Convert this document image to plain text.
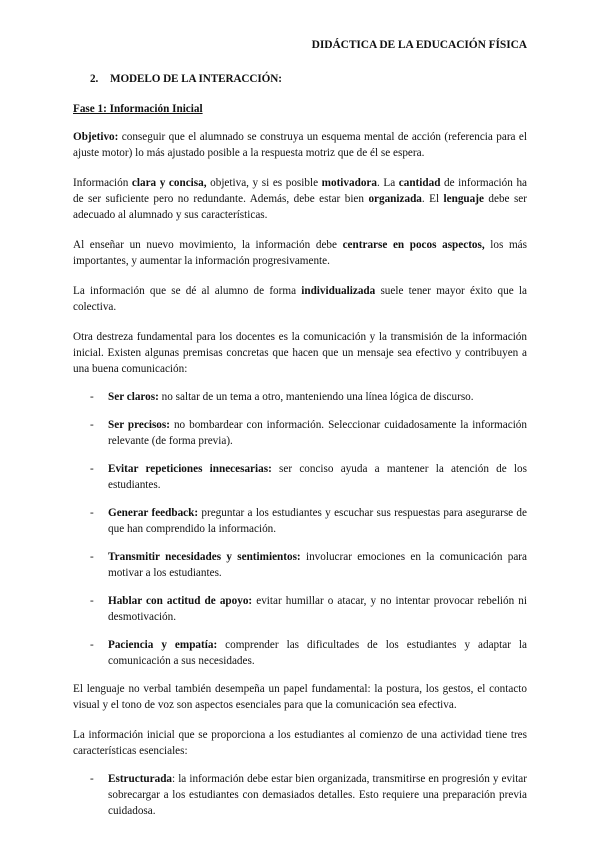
DIDÁCTICA DE LA EDUCACIÓN FÍSICA
2. MODELO DE LA INTERACCIÓN:
Fase 1: Información Inicial

Objetivo: conseguir que el alumnado se construya un esquema mental de acción (referencia para el ajuste motor) lo más ajustado posible a la respuesta motriz que de él se espera.

Información clara y concisa, objetiva, y si es posible motivadora. La cantidad de información ha de ser suficiente pero no redundante. Además, debe estar bien organizada. El lenguaje debe ser adecuado al alumnado y sus características.

Al enseñar un nuevo movimiento, la información debe centrarse en pocos aspectos, los más importantes, y aumentar la información progresivamente.

La información que se dé al alumno de forma individualizada suele tener mayor éxito que la colectiva.

Otra destreza fundamental para los docentes es la comunicación y la transmisión de la información inicial. Existen algunas premisas concretas que hacen que un mensaje sea efectivo y contribuyen a una buena comunicación:

- Ser claros: no saltar de un tema a otro, manteniendo una línea lógica de discurso.
- Ser precisos: no bombardear con información. Seleccionar cuidadosamente la información relevante (de forma previa).
- Evitar repeticiones innecesarias: ser conciso ayuda a mantener la atención de los estudiantes.
- Generar feedback: preguntar a los estudiantes y escuchar sus respuestas para asegurarse de que han comprendido la información.
- Transmitir necesidades y sentimientos: involucrar emociones en la comunicación para motivar a los estudiantes.
- Hablar con actitud de apoyo: evitar humillar o atacar, y no intentar provocar rebelión ni desmotivación.
- Paciencia y empatía: comprender las dificultades de los estudiantes y adaptar la comunicación a sus necesidades.

El lenguaje no verbal también desempeña un papel fundamental: la postura, los gestos, el contacto visual y el tono de voz son aspectos esenciales para que la comunicación sea efectiva.

La información inicial que se proporciona a los estudiantes al comienzo de una actividad tiene tres características esenciales:

- Estructurada: la información debe estar bien organizada, transmitirse en progresión y evitar sobrecargar a los estudiantes con demasiados detalles. Esto requiere una preparación previa cuidadosa.
